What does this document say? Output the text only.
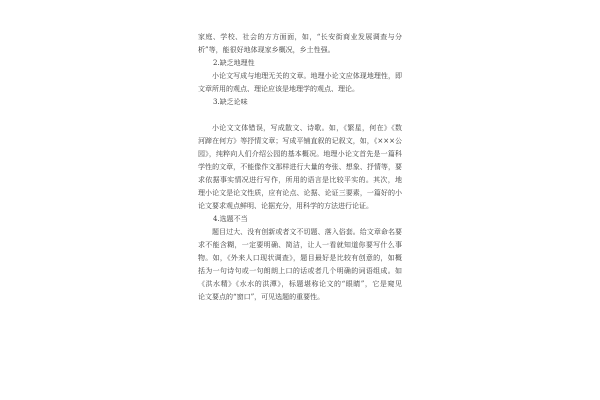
家庭、学校、社会的方方面面，如，“长安街商业发展调查与分
析”等，能很好地体现家乡概况，乡土性强。
2.缺乏地理性
小论文写成与地理无关的文章。地理小论文应体现地理性，即
文章所用的观点、理论应该是地理学的观点、理论。
3.缺乏论味
小论文文体错误，写成散文、诗歌。如，《繁星，何在》《数
河蹄在何方》等抒情文章；写成平铺直叙的记叙文，如，《×××公
园》，纯粹向人们介绍公园的基本概况。地理小论文首先是一篇科
学性的文章，不能像作文那样进行大量的夸张、想象、抒情等，要
求依据事实情况进行写作，所用的语言是比较平实的。其次，地
理小论文是论文性质，应有论点、论据、论证三要素，一篇好的小
论文要求观点鲜明、论据充分，用科学的方法进行论证。
4.选题不当
题目过大、没有创新或者文不切题、落入俗套。给文章命名要
求不能含糊，一定要明确、简洁，让人一看就知道你要写什么事
物。如，《外来人口现状调查》，题目最好是比较有创意的，如概
括为一句诗句或一句朗朗上口的话或者几个明确的词语组成。如
《洪水精》《水水的洪潭》，标题堪称论文的“眼睛”，它是窥见
论文要点的“窗口”，可见选题的重要性。
